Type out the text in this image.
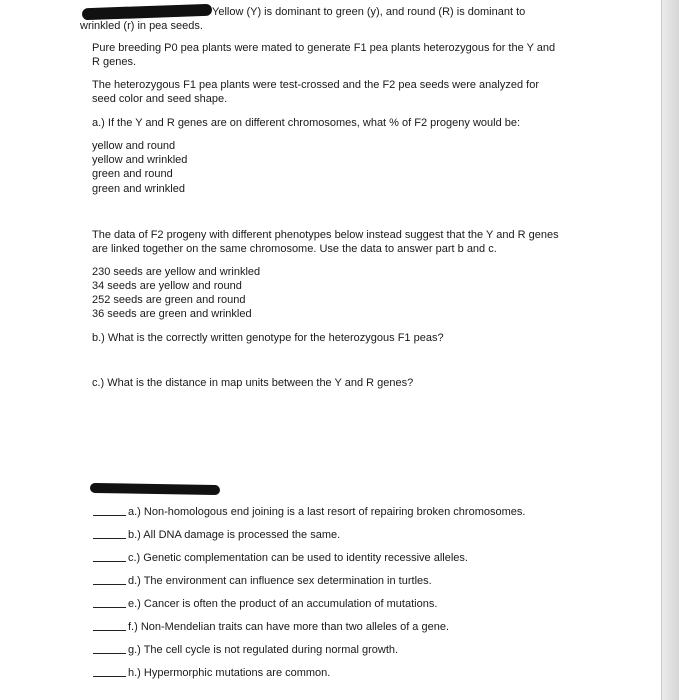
Yellow (Y) is dominant to green (y), and round (R) is dominant to
wrinkled (r) in pea seeds.
Pure breeding P0 pea plants were mated to generate F1 pea plants heterozygous for the Y and
R genes.
The heterozygous F1 pea plants were test-crossed and the F2 pea seeds were analyzed for
seed color and seed shape.
a.) If the Y and R genes are on different chromosomes, what % of F2 progeny would be:
yellow and round
yellow and wrinkled
green and round
green and wrinkled
The data of F2 progeny with different phenotypes below instead suggest that the Y and R genes
are linked together on the same chromosome. Use the data to answer part b and c.
230 seeds are yellow and wrinkled
34 seeds are yellow and round
252 seeds are green and round
36 seeds are green and wrinkled
b.) What is the correctly written genotype for the heterozygous F1 peas?
c.) What is the distance in map units between the Y and R genes?
a.) Non-homologous end joining is a last resort of repairing broken chromosomes.
b.) All DNA damage is processed the same.
c.) Genetic complementation can be used to identity recessive alleles.
d.) The environment can influence sex determination in turtles.
e.) Cancer is often the product of an accumulation of mutations.
f.) Non-Mendelian traits can have more than two alleles of a gene.
g.) The cell cycle is not regulated during normal growth.
h.) Hypermorphic mutations are common.
